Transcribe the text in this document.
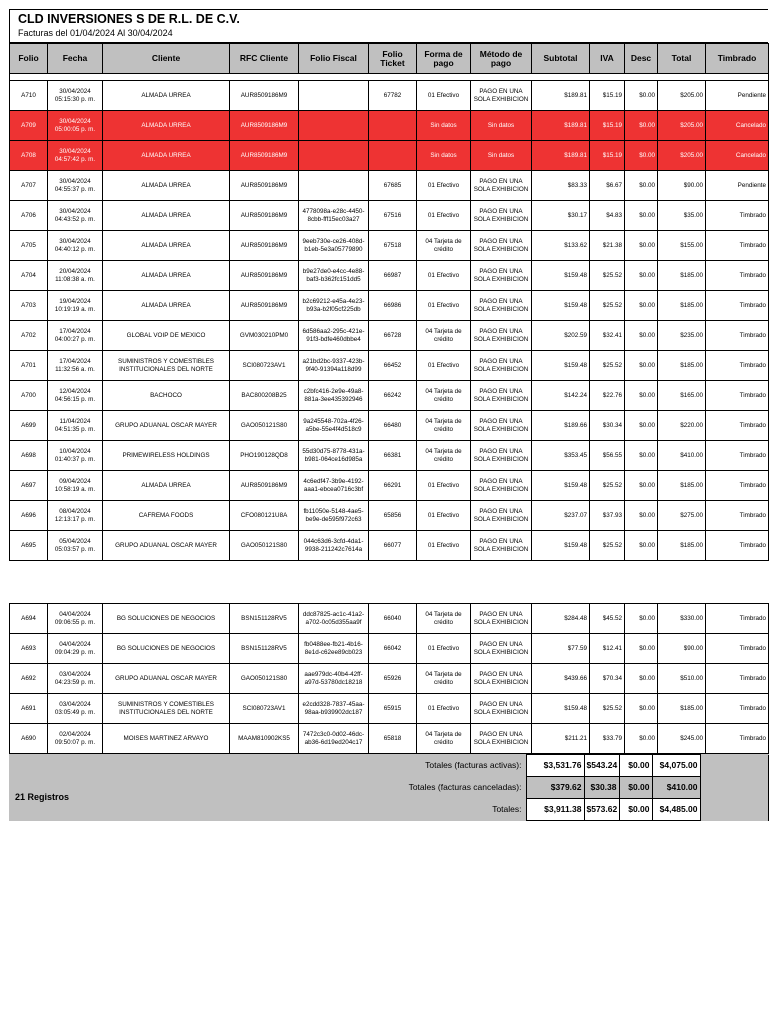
CLD INVERSIONES S DE R.L. DE C.V.
Facturas del 01/04/2024 Al 30/04/2024
Folio	Fecha	Cliente	RFC Cliente	Folio Fiscal	Folio Ticket	Forma de pago	Método de pago	Subtotal	IVA	Desc	Total	Timbrado

A710	30/04/2024 05:15:30 p. m.	ALMADA URREA	AUR8509186M9		67782	01 Efectivo	PAGO EN UNA SOLA EXHIBICION	$189.81	$15.19	$0.00	$205.00	Pendiente
A709	30/04/2024 05:00:05 p. m.	ALMADA URREA	AUR8509186M9			Sin datos	Sin datos	$189.81	$15.19	$0.00	$205.00	Cancelado
A708	30/04/2024 04:57:42 p. m.	ALMADA URREA	AUR8509186M9			Sin datos	Sin datos	$189.81	$15.19	$0.00	$205.00	Cancelado
A707	30/04/2024 04:55:37 p. m.	ALMADA URREA	AUR8509186M9		67685	01 Efectivo	PAGO EN UNA SOLA EXHIBICION	$83.33	$6.67	$0.00	$90.00	Pendiente
A706	30/04/2024 04:43:52 p. m.	ALMADA URREA	AUR8509186M9	4778098a-e28c-4450-8cbb-fff15ec03a27	67516	01 Efectivo	PAGO EN UNA SOLA EXHIBICION	$30.17	$4.83	$0.00	$35.00	Timbrado
A705	30/04/2024 04:40:12 p. m.	ALMADA URREA	AUR8509186M9	9eeb730e-ce26-408d-b1eb-5e3a05779890	67518	04 Tarjeta de crédito	PAGO EN UNA SOLA EXHIBICION	$133.62	$21.38	$0.00	$155.00	Timbrado
A704	20/04/2024 11:08:38 a. m.	ALMADA URREA	AUR8509186M9	b9e27de0-e4cc-4e88-baf3-b362fc151dd5	66987	01 Efectivo	PAGO EN UNA SOLA EXHIBICION	$159.48	$25.52	$0.00	$185.00	Timbrado
A703	19/04/2024 10:19:19 a. m.	ALMADA URREA	AUR8509186M9	b2c69212-e45a-4e23-b93a-b2f05cf225db	66986	01 Efectivo	PAGO EN UNA SOLA EXHIBICION	$159.48	$25.52	$0.00	$185.00	Timbrado
A702	17/04/2024 04:00:27 p. m.	GLOBAL VOIP DE MEXICO	GVM030210PM0	6d586aa2-295c-421e-91f3-bdfe460dbbe4	66728	04 Tarjeta de crédito	PAGO EN UNA SOLA EXHIBICION	$202.59	$32.41	$0.00	$235.00	Timbrado
A701	17/04/2024 11:32:56 a. m.	SUMINISTROS Y COMESTIBLES INSTITUCIONALES DEL NORTE	SCI080723AV1	a21bd2bc-9337-423b-9f40-91394a118d99	66452	01 Efectivo	PAGO EN UNA SOLA EXHIBICION	$159.48	$25.52	$0.00	$185.00	Timbrado
A700	12/04/2024 04:56:15 p. m.	BACHOCO	BAC800208B25	c2bfc416-2e9e-49a8-881a-3ee435392946	66242	04 Tarjeta de crédito	PAGO EN UNA SOLA EXHIBICION	$142.24	$22.76	$0.00	$165.00	Timbrado
A699	11/04/2024 04:51:35 p. m.	GRUPO ADUANAL OSCAR MAYER	GAO050121S80	9a245548-702a-4f26-a5be-55e4f4d518c9	66480	04 Tarjeta de crédito	PAGO EN UNA SOLA EXHIBICION	$189.66	$30.34	$0.00	$220.00	Timbrado
A698	10/04/2024 01:40:37 p. m.	PRIMEWIRELESS HOLDINGS	PHO190128QD8	55d30d75-8778-431a-b981-064ce16d985a	66381	04 Tarjeta de crédito	PAGO EN UNA SOLA EXHIBICION	$353.45	$56.55	$0.00	$410.00	Timbrado
A697	09/04/2024 10:58:19 a. m.	ALMADA URREA	AUR8509186M9	4c6edf47-3b9e-4192-aaa1-ebcea0716c3bf	66291	01 Efectivo	PAGO EN UNA SOLA EXHIBICION	$159.48	$25.52	$0.00	$185.00	Timbrado
A696	08/04/2024 12:13:17 p. m.	CAFREMA FOODS	CFO080121U8A	fb11050e-5148-4ae5-be9e-de595f972c63	65856	01 Efectivo	PAGO EN UNA SOLA EXHIBICION	$237.07	$37.93	$0.00	$275.00	Timbrado
A695	05/04/2024 05:03:57 p. m.	GRUPO ADUANAL OSCAR MAYER	GAO050121S80	044c63d6-3cfd-4da1-9938-211242c7614a	66077	01 Efectivo	PAGO EN UNA SOLA EXHIBICION	$159.48	$25.52	$0.00	$185.00	Timbrado
A694	04/04/2024 09:06:55 p. m.	BG SOLUCIONES DE NEGOCIOS	BSN151128RV5	ddc87825-ac1c-41a2-a702-0c05d355aa9f	66040	04 Tarjeta de crédito	PAGO EN UNA SOLA EXHIBICION	$284.48	$45.52	$0.00	$330.00	Timbrado
A693	04/04/2024 09:04:29 p. m.	BG SOLUCIONES DE NEGOCIOS	BSN151128RV5	fb0488ee-fb21-4b16-8e1d-c62ee89cb023	66042	01 Efectivo	PAGO EN UNA SOLA EXHIBICION	$77.59	$12.41	$0.00	$90.00	Timbrado
A692	03/04/2024 04:23:59 p. m.	GRUPO ADUANAL OSCAR MAYER	GAO050121S80	aae979dc-40b4-42ff-a97d-53780dc18218	65926	04 Tarjeta de crédito	PAGO EN UNA SOLA EXHIBICION	$439.66	$70.34	$0.00	$510.00	Timbrado
A691	03/04/2024 03:05:49 p. m.	SUMINISTROS Y COMESTIBLES INSTITUCIONALES DEL NORTE	SCI080723AV1	e2cdd328-7837-45aa-98aa-b939902dc187	65915	01 Efectivo	PAGO EN UNA SOLA EXHIBICION	$159.48	$25.52	$0.00	$185.00	Timbrado
A690	02/04/2024 09:50:07 p. m.	MOISES MARTINEZ ARVAYO	MAAM810902KS5	7472c3c0-0d02-46dc-ab36-6d19ed204c17	65818	04 Tarjeta de crédito	PAGO EN UNA SOLA EXHIBICION	$211.21	$33.79	$0.00	$245.00	Timbrado
Totales (facturas activas):	$3,531.76	$543.24	$0.00	$4,075.00	
Totales (facturas canceladas):	$379.62	$30.38	$0.00	$410.00	

21 Registros
Totales:	$3,911.38	$573.62	$0.00	$4,485.00	
